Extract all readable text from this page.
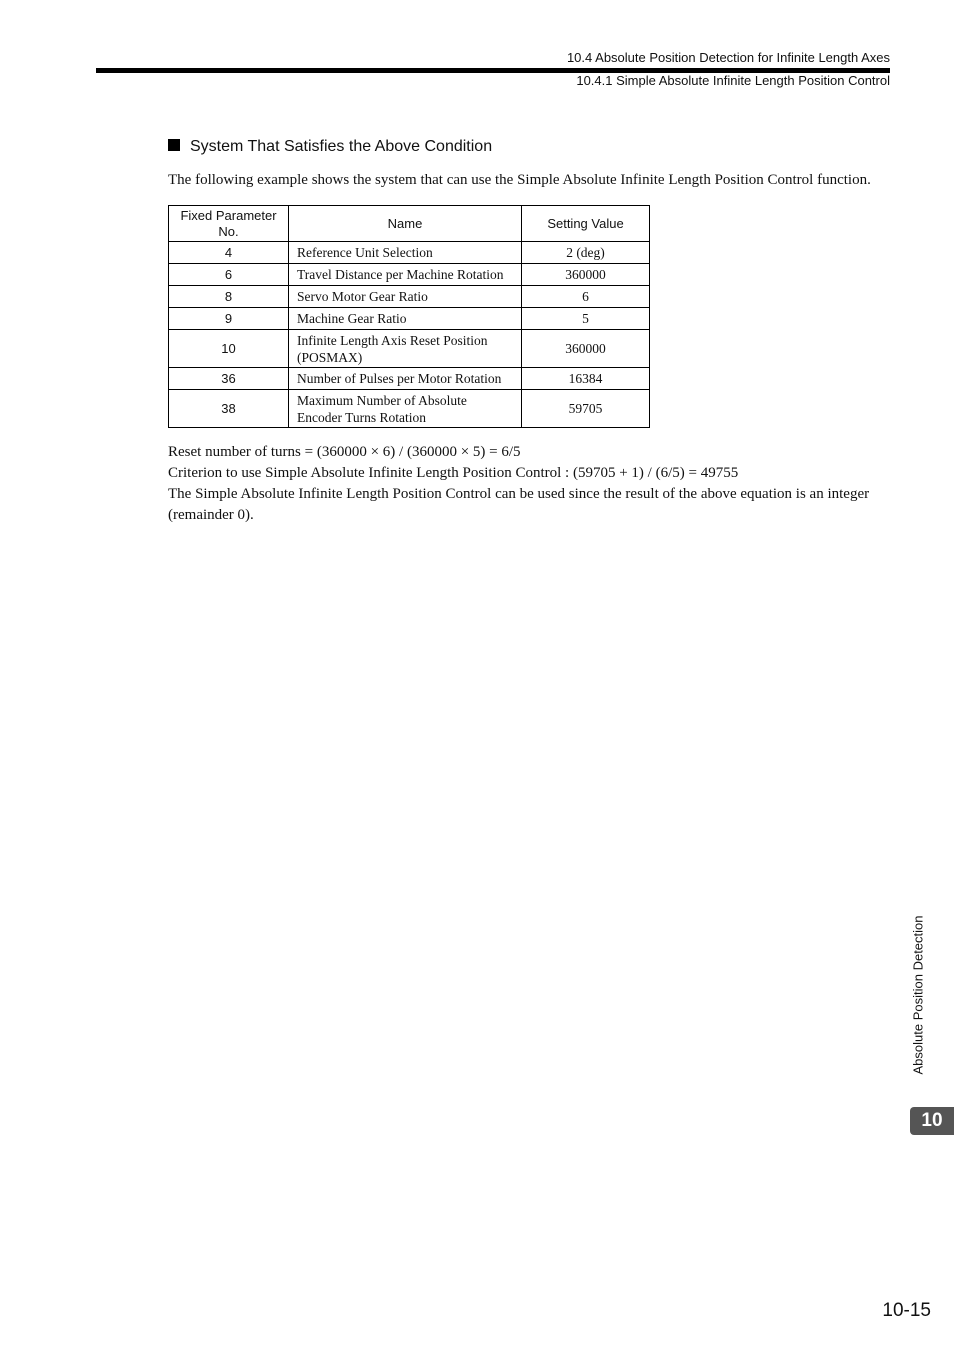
10.4 Absolute Position Detection for Infinite Length Axes
10.4.1 Simple Absolute Infinite Length Position Control
System That Satisfies the Above Condition
The following example shows the system that can use the Simple Absolute Infinite Length Position Control function.
Fixed Parameter No.	Name	Setting Value
4	Reference Unit Selection	2 (deg)
6	Travel Distance per Machine Rotation	360000
8	Servo Motor Gear Ratio	6
9	Machine Gear Ratio	5
10	Infinite Length Axis Reset Position (POSMAX)	360000
36	Number of Pulses per Motor Rotation	16384
38	Maximum Number of Absolute Encoder Turns Rotation	59705

Reset number of turns = (360000 × 6) / (360000 × 5) = 6/5

Criterion to use Simple Absolute Infinite Length Position Control : (59705 + 1) / (6/5) = 49755

The Simple Absolute Infinite Length Position Control can be used since the result of the above equation is an integer (remainder 0).

Absolute Position Detection
10
10-15
